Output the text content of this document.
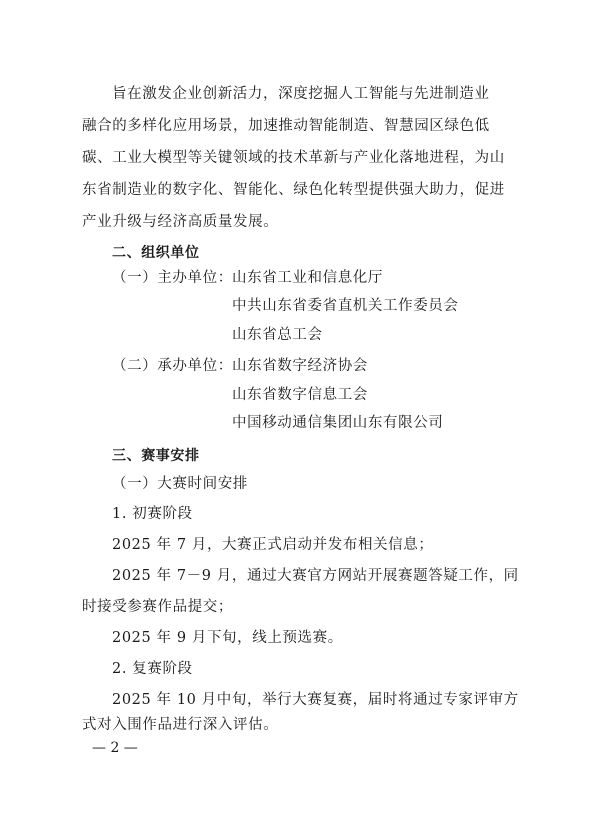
旨在激发企业创新活力，深度挖掘人工智能与先进制造业
融合的多样化应用场景，加速推动智能制造、智慧园区绿色低
碳、工业大模型等关键领域的技术革新与产业化落地进程，为山
东省制造业的数字化、智能化、绿色化转型提供强大助力，促进
产业升级与经济高质量发展。
二、组织单位
（一）主办单位： 山东省工业和信息化厅
中共山东省委省直机关工作委员会
山东省总工会
（二）承办单位： 山东省数字经济协会
山东省数字信息工会
中国移动通信集团山东有限公司
三、赛事安排
（一）大赛时间安排
1. 初赛阶段
2025 年 7 月，大赛正式启动并发布相关信息；
2025 年 7－9 月，通过大赛官方网站开展赛题答疑工作，同
时接受参赛作品提交；
2025 年 9 月下旬，线上预选赛。
2. 复赛阶段
2025 年 10 月中旬，举行大赛复赛，届时将通过专家评审方
式对入围作品进行深入评估。
— 2 —
